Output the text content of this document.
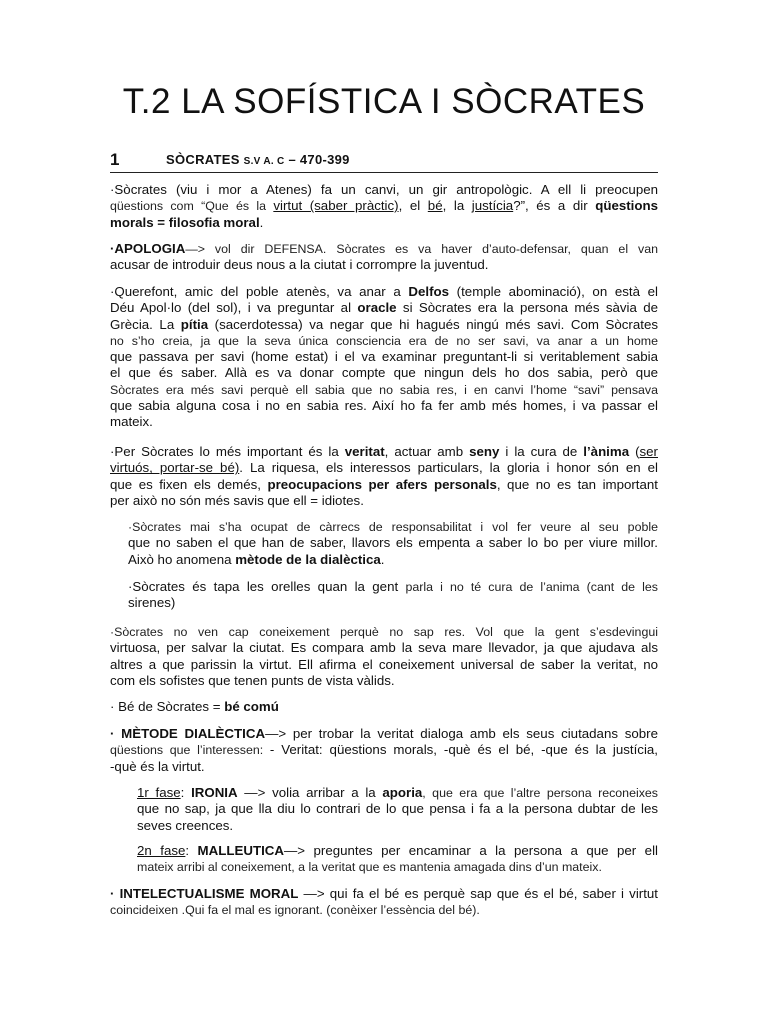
T.2 LA SOFÍSTICA I SÒCRATES
1	SÒCRATES S.V A. C – 470-399
·Sòcrates (viu i mor a Atenes) fa un canvi, un gir antropològic. A ell li preocupen
qüestions com “Que és la virtut (saber pràctic), el bé, la justícia?”, és a dir qüestions
morals = filosofia moral.
·APOLOGIA—> vol dir DEFENSA. Sòcrates es va haver d’auto-defensar, quan el van
acusar de introduir deus nous a la ciutat i corrompre la juventud.
·Querefont, amic del poble atenès, va anar a Delfos (temple abominació), on està el
Déu Apol·lo (del sol), i va preguntar al oracle si Sòcrates era la persona més sàvia de
Grècia. La pítia (sacerdotessa) va negar que hi hagués ningú més savi. Com Sòcrates
no s’ho creia, ja que la seva única consciencia era de no ser savi, va anar a un home
que passava per savi (home estat) i el va examinar preguntant-li si veritablement sabia
el que és saber. Allà es va donar compte que ningun dels ho dos sabia, però que
Sòcrates era més savi perquè ell sabia que no sabia res, i en canvi l’home “savi” pensava
que sabia alguna cosa i no en sabia res. Així ho fa fer amb més homes, i va passar el
mateix.
·Per Sòcrates lo més important és la veritat, actuar amb seny i la cura de l’ànima (ser
virtuós, portar-se bé). La riquesa, els interessos particulars, la gloria i honor són en el
que es fixen els demés, preocupacions per afers personals, que no es tan important
per això no són més savis que ell = idiotes.
·Sòcrates mai s’ha ocupat de càrrecs de responsabilitat i vol fer veure al seu poble
que no saben el que han de saber, llavors els empenta a saber lo bo per viure millor.
Això ho anomena mètode de la dialèctica.
·Sòcrates és tapa les orelles quan la gent parla i no té cura de l’anima (cant de les
sirenes)
·Sòcrates no ven cap coneixement perquè no sap res. Vol que la gent s’esdevingui
virtuosa, per salvar la ciutat. Es compara amb la seva mare llevador, ja que ajudava als
altres a que parissin la virtut. Ell afirma el coneixement universal de saber la veritat, no
com els sofistes que tenen punts de vista vàlids.
· Bé de Sòcrates = bé comú
· MÈTODE DIALÈCTICA—> per trobar la veritat dialoga amb els seus ciutadans sobre
qüestions que l’interessen: - Veritat: qüestions morals, -què és el bé, -que és la justícia,
-què és la virtut.
1r fase: IRONIA —> volia arribar a la aporia, que era que l’altre persona reconeixes
que no sap, ja que lla diu lo contrari de lo que pensa i fa a la persona dubtar de les
seves creences.
2n fase: MALLEUTICA—> preguntes per encaminar a la persona a que per ell
mateix arribi al coneixement, a la veritat que es mantenia amagada dins d’un mateix.
· INTELECTUALISME MORAL —> qui fa el bé es perquè sap que és el bé, saber i virtut
coincideixen .Qui fa el mal es ignorant. (conèixer l’essència del bé).
